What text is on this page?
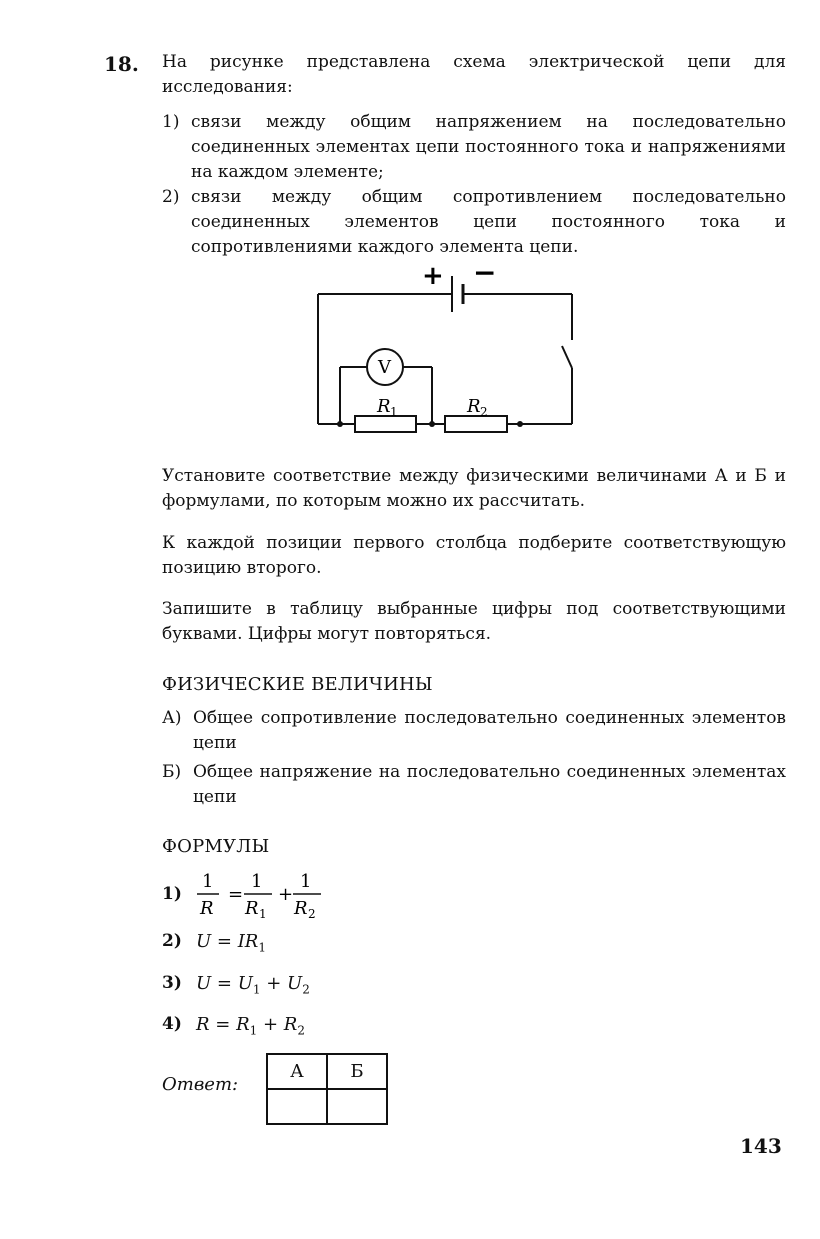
18. На рисунке представлена схема электрической цепи для исследования:

1) связи между общим напряжением на последовательно соединенных элементах цепи постоянного тока и напряжениями на каждом элементе;
2) связи между общим сопротивлением последовательно соединенных элементов цепи постоянного тока и сопротивлениями каждого элемента цепи.
+ −
V
R 1	R 2

Установите соответствие между физическими величинами А и Б и формулами, по которым можно их рассчитать.

К каждой позиции первого столбца подберите соответствующую позицию второго.

Запишите в таблицу выбранные цифры под соответствующими буквами. Цифры могут повторяться.

ФИЗИЧЕСКИЕ ВЕЛИЧИНЫ
А) Общее сопротивление последовательно соединенных элементов цепи
Б) Общее напряжение на последовательно соединенных элементах цепи
ФОРМУЛЫ
1)
1
R
=
1
R 1
+
1
R 2
2) $U = IR_1$
3) $U = U_1 + U_2$
4) $R = R_1 + R_2$
Ответ:
А	Б

143
